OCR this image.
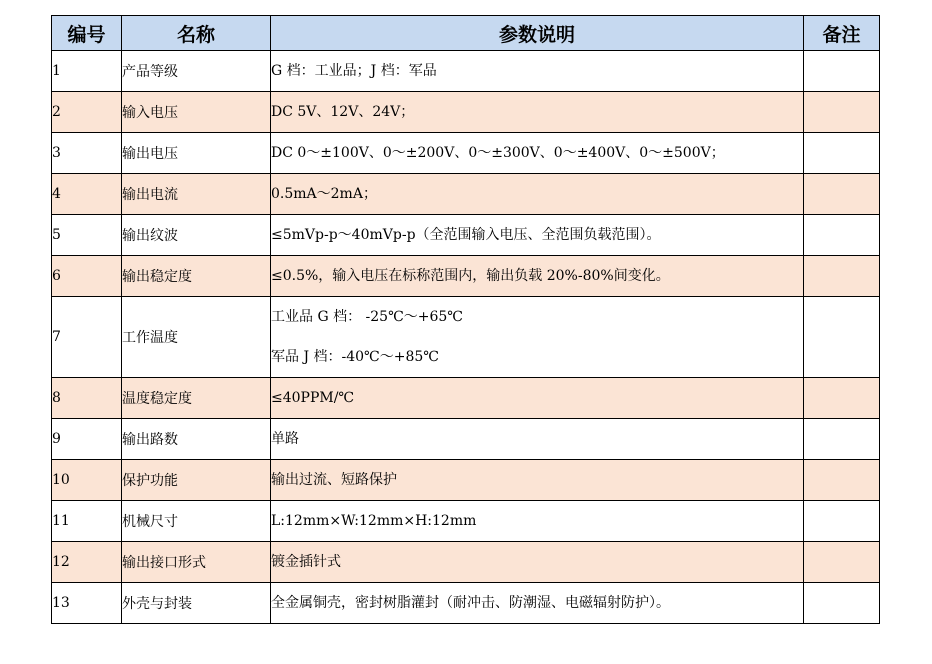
编号	名称	参数说明	备注
1	产品等级	G 档：工业品；J 档：军品	

2	输入电压	DC 5V、12V、24V；	

3	输出电压	DC 0～±100V、0～±200V、0～±300V、0～±400V、0～±500V；	

4	输出电流	0.5mA～2mA；	

5	输出纹波	≤5mVp-p～40mVp-p（全范围输入电压、全范围负载范围）。	

6	输出稳定度	≤0.5%，输入电压在标称范围内，输出负载 20%-80%间变化。	

7	工作温度	工业品 G 档： -25℃～+65℃
军品 J 档：-40℃～+85℃	

8	温度稳定度	≤40PPM/℃	

9	输出路数	单路	

10	保护功能	输出过流、短路保护	

11	机械尺寸	L:12mm×W:12mm×H:12mm	

12	输出接口形式	镀金插针式	

13	外壳与封装	全金属铜壳，密封树脂灌封（耐冲击、防潮湿、电磁辐射防护）。	
